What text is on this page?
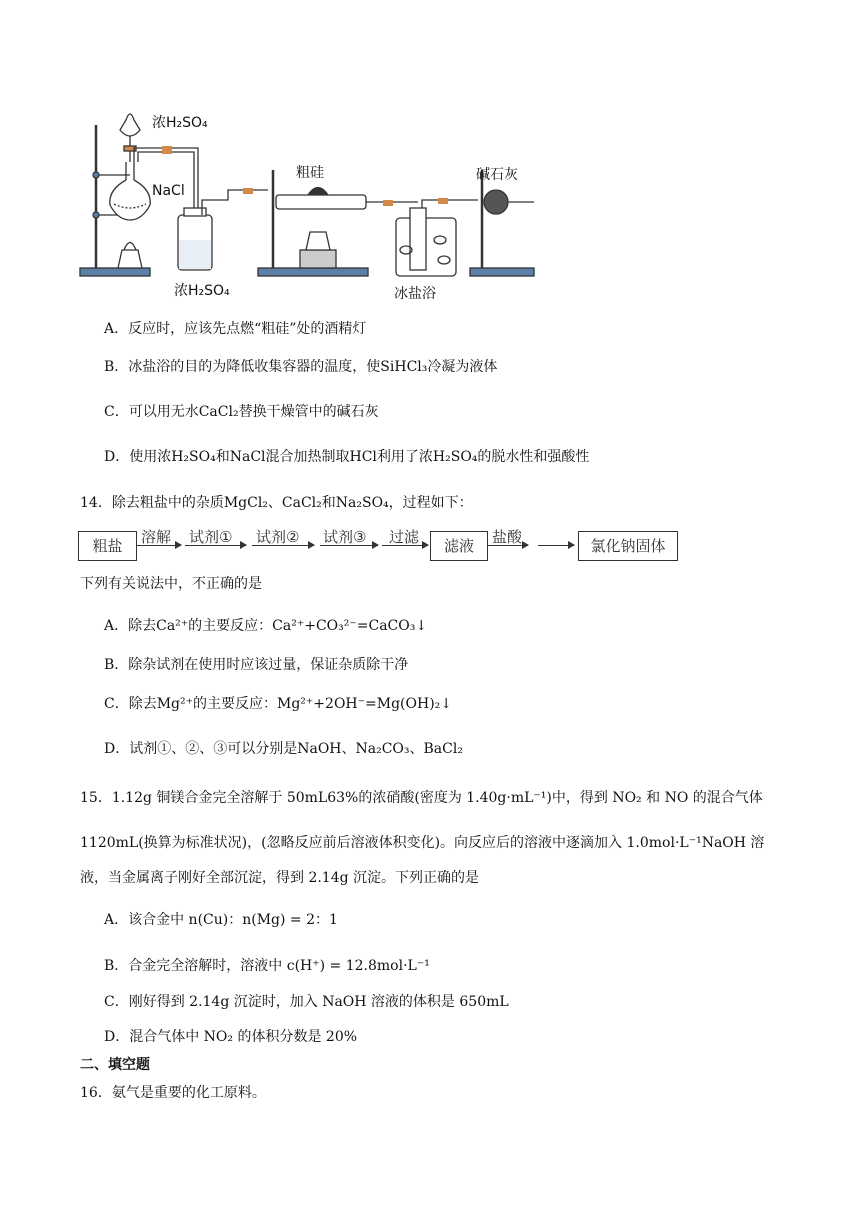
浓H₂SO₄
NaCl
浓H₂SO₄
粗硅
冰盐浴
碱石灰
A．反应时，应该先点燃“粗硅”处的酒精灯
B．冰盐浴的目的为降低收集容器的温度，使SiHCl₃冷凝为液体
C．可以用无水CaCl₂替换干燥管中的碱石灰
D．使用浓H₂SO₄和NaCl混合加热制取HCl利用了浓H₂SO₄的脱水性和强酸性
14．除去粗盐中的杂质MgCl₂、CaCl₂和Na₂SO₄，过程如下：
粗盐	溶解 试剂① 试剂② 试剂③ 过滤	滤液	盐酸	氯化钠固体
下列有关说法中，不正确的是
A．除去Ca²⁺的主要反应：Ca²⁺+CO₃²⁻=CaCO₃↓
B．除杂试剂在使用时应该过量，保证杂质除干净
C．除去Mg²⁺的主要反应：Mg²⁺+2OH⁻=Mg(OH)₂↓
D．试剂①、②、③可以分别是NaOH、Na₂CO₃、BaCl₂
15．1.12g 铜镁合金完全溶解于 50mL63%的浓硝酸(密度为 1.40g·mL⁻¹)中，得到 NO₂ 和 NO 的混合气体
1120mL(换算为标准状况)，(忽略反应前后溶液体积变化)。向反应后的溶液中逐滴加入 1.0mol·L⁻¹NaOH 溶
液，当金属离子刚好全部沉淀，得到 2.14g 沉淀。下列正确的是
A．该合金中 n(Cu)：n(Mg) = 2：1
B．合金完全溶解时，溶液中 c(H⁺) = 12.8mol·L⁻¹
C．刚好得到 2.14g 沉淀时，加入 NaOH 溶液的体积是 650mL
D．混合气体中 NO₂ 的体积分数是 20%
二、填空题
16．氨气是重要的化工原料。
